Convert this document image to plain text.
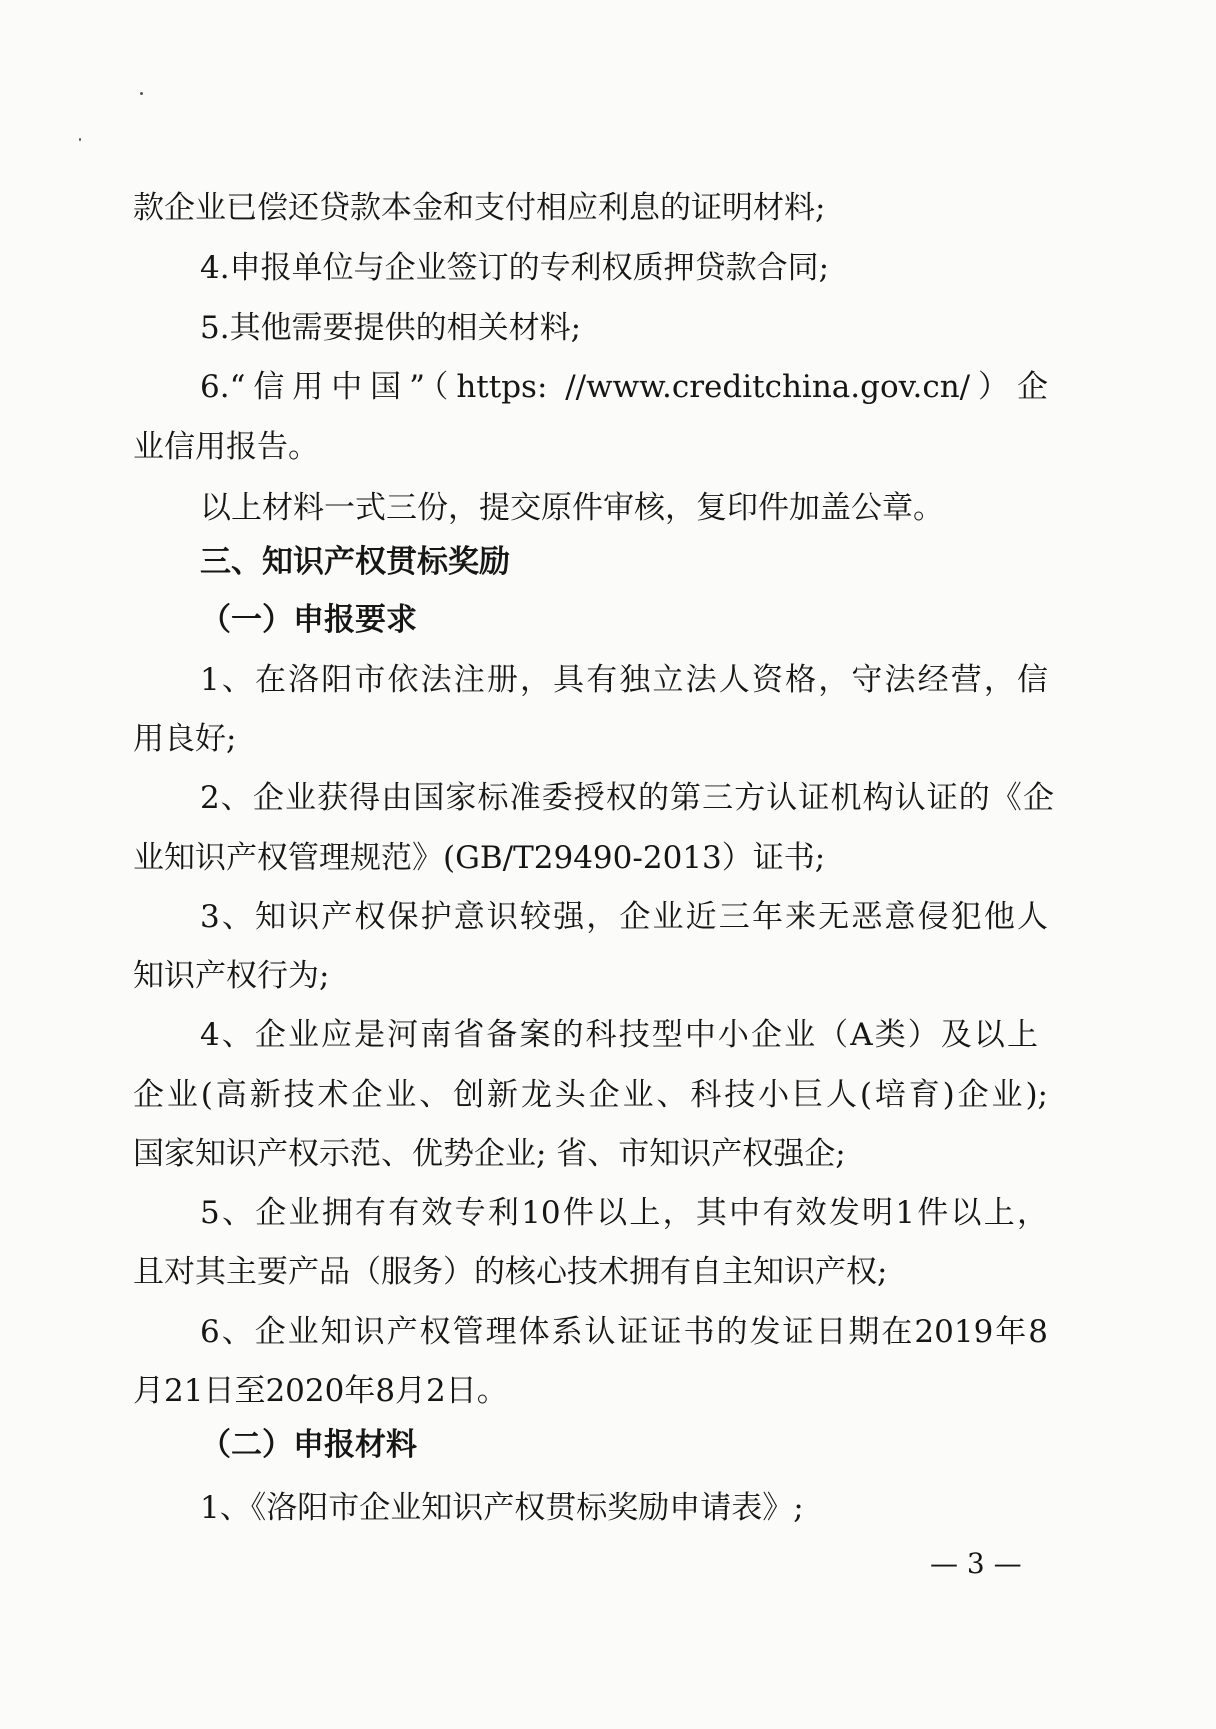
款企业已偿还贷款本金和支付相应利息的证明材料;

4.申报单位与企业签订的专利权质押贷款合同;

5.其他需要提供的相关材料;

6.“信用中国”（https: //www.creditchina.gov.cn/）企

业信用报告。

以上材料一式三份，提交原件审核，复印件加盖公章。

三、知识产权贯标奖励

（一）申报要求

1、在洛阳市依法注册，具有独立法人资格，守法经营，信

用良好;

2、企业获得由国家标准委授权的第三方认证机构认证的《企

业知识产权管理规范》(GB/T29490-2013）证书;

3、知识产权保护意识较强，企业近三年来无恶意侵犯他人

知识产权行为;

4、企业应是河南省备案的科技型中小企业（A类）及以上

企业(高新技术企业、创新龙头企业、科技小巨人(培育)企业);

国家知识产权示范、优势企业; 省、市知识产权强企;

5、企业拥有有效专利10件以上，其中有效发明1件以上，

且对其主要产品（服务）的核心技术拥有自主知识产权;

6、企业知识产权管理体系认证证书的发证日期在2019年8

月21日至2020年8月2日。

（二）申报材料

1、《洛阳市企业知识产权贯标奖励申请表》;

— 3 —
